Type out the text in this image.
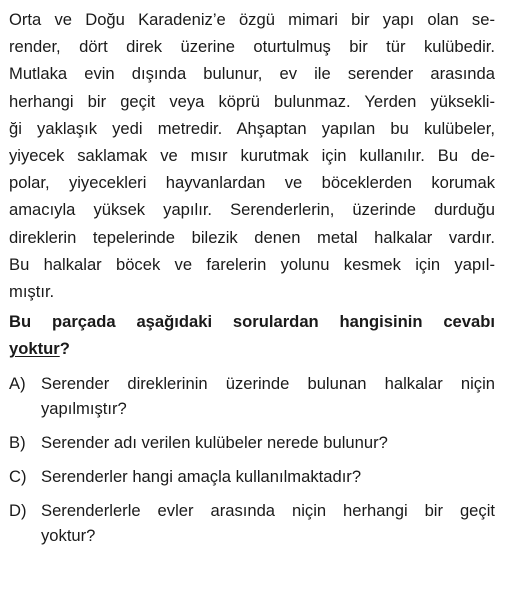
Orta ve Doğu Karadeniz’e özgü mimari bir yapı olan se-
render, dört direk üzerine oturtulmuş bir tür kulübedir.
Mutlaka evin dışında bulunur, ev ile serender arasında
herhangi bir geçit veya köprü bulunmaz. Yerden yüksekli-
ği yaklaşık yedi metredir. Ahşaptan yapılan bu kulübeler,
yiyecek saklamak ve mısır kurutmak için kullanılır. Bu de-
polar, yiyecekleri hayvanlardan ve böceklerden korumak
amacıyla yüksek yapılır. Serenderlerin, üzerinde durduğu
direklerin tepelerinde bilezik denen metal halkalar vardır.
Bu halkalar böcek ve farelerin yolunu kesmek için yapıl-
mıştır.
Bu parçada aşağıdaki sorulardan hangisinin cevabı
yoktur?
A) Serender direklerinin üzerinde bulunan halkalar niçin
yapılmıştır?
B) Serender adı verilen kulübeler nerede bulunur?
C) Serenderler hangi amaçla kullanılmaktadır?
D) Serenderlerle evler arasında niçin herhangi bir geçit
yoktur?
